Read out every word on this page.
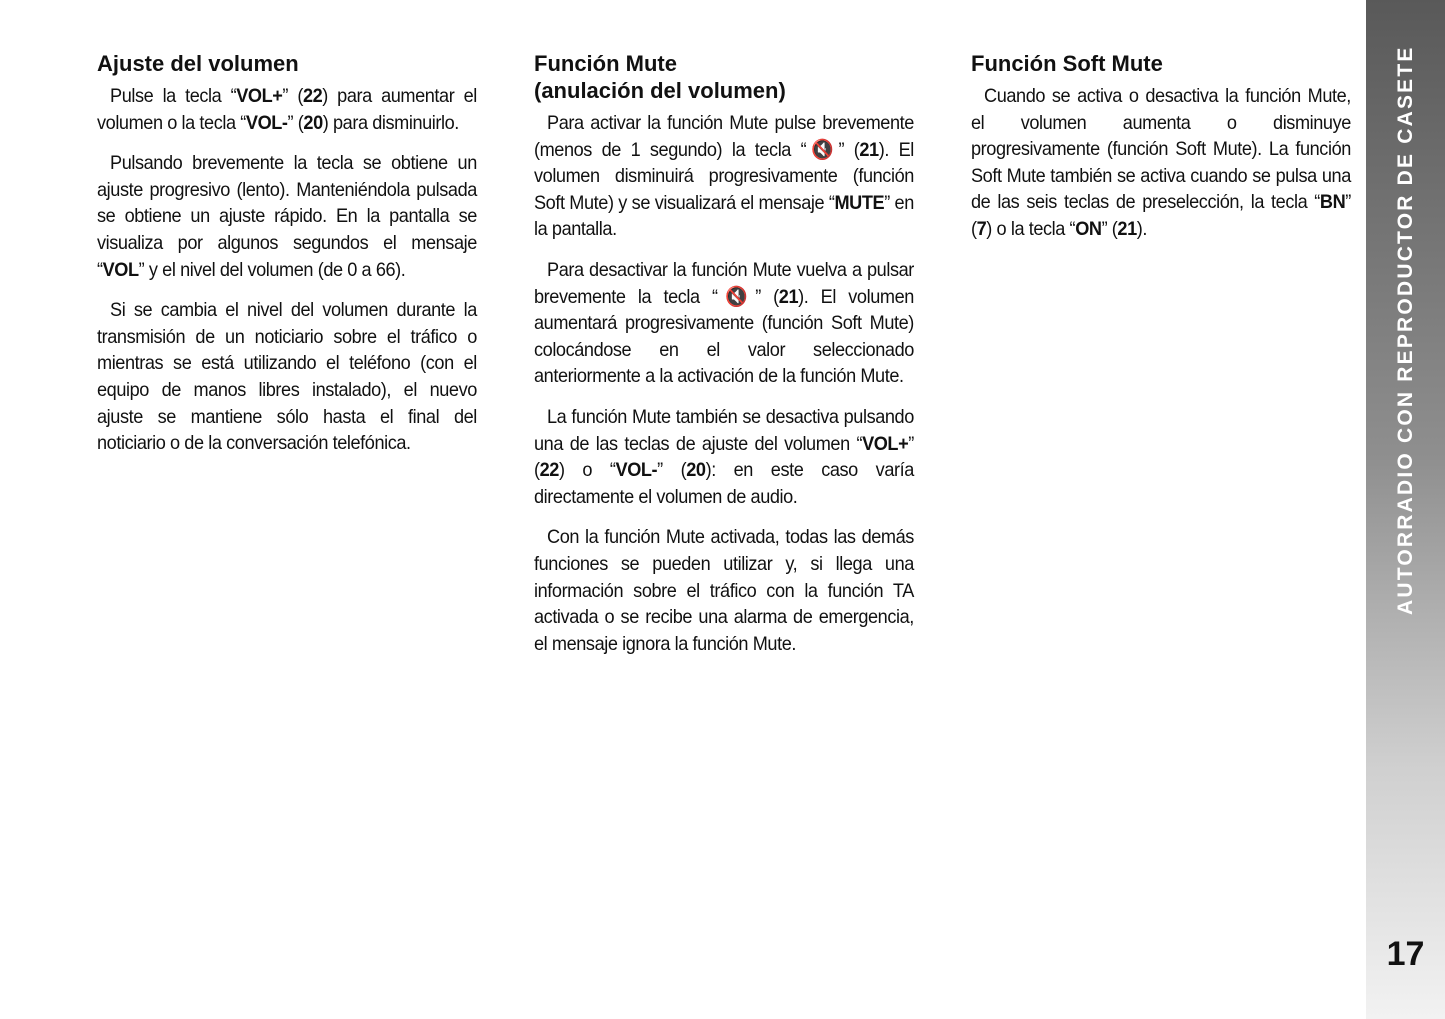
Ajuste del volumen

Pulse la tecla “VOL+” (22) para aumentar el volumen o la tecla “VOL-” (20) para disminuirlo.

Pulsando brevemente la tecla se obtiene un ajuste progresivo (lento). Manteniéndola pulsada se obtiene un ajuste rápido. En la pantalla se visualiza por algunos segundos el mensaje “VOL” y el nivel del volumen (de 0 a 66).

Si se cambia el nivel del volumen durante la transmisión de un noticiario sobre el tráfico o mientras se está utilizando el teléfono (con el equipo de manos libres instalado), el nuevo ajuste se mantiene sólo hasta el final del noticiario o de la conversación telefónica.

Función Mute
(anulación del volumen)

Para activar la función Mute pulse brevemente (menos de 1 segundo) la tecla “🔇” (21). El volumen disminuirá progresivamente (función Soft Mute) y se visualizará el mensaje “MUTE” en la pantalla.

Para desactivar la función Mute vuelva a pulsar brevemente la tecla “🔇” (21). El volumen aumentará progresivamente (función Soft Mute) colocándose en el valor seleccionado anteriormente a la activación de la función Mute.

La función Mute también se desactiva pulsando una de las teclas de ajuste del volumen “VOL+” (22) o “VOL-” (20): en este caso varía directamente el volumen de audio.

Con la función Mute activada, todas las demás funciones se pueden utilizar y, si llega una información sobre el tráfico con la función TA activada o se recibe una alarma de emergencia, el mensaje ignora la función Mute.

Función Soft Mute

Cuando se activa o desactiva la función Mute, el volumen aumenta o disminuye progresivamente (función Soft Mute). La función Soft Mute también se activa cuando se pulsa una de las seis teclas de preselección, la tecla “BN” (7) o la tecla “ON” (21).	AUTORRADIO CON REPRODUCTOR DE CASETE
17
